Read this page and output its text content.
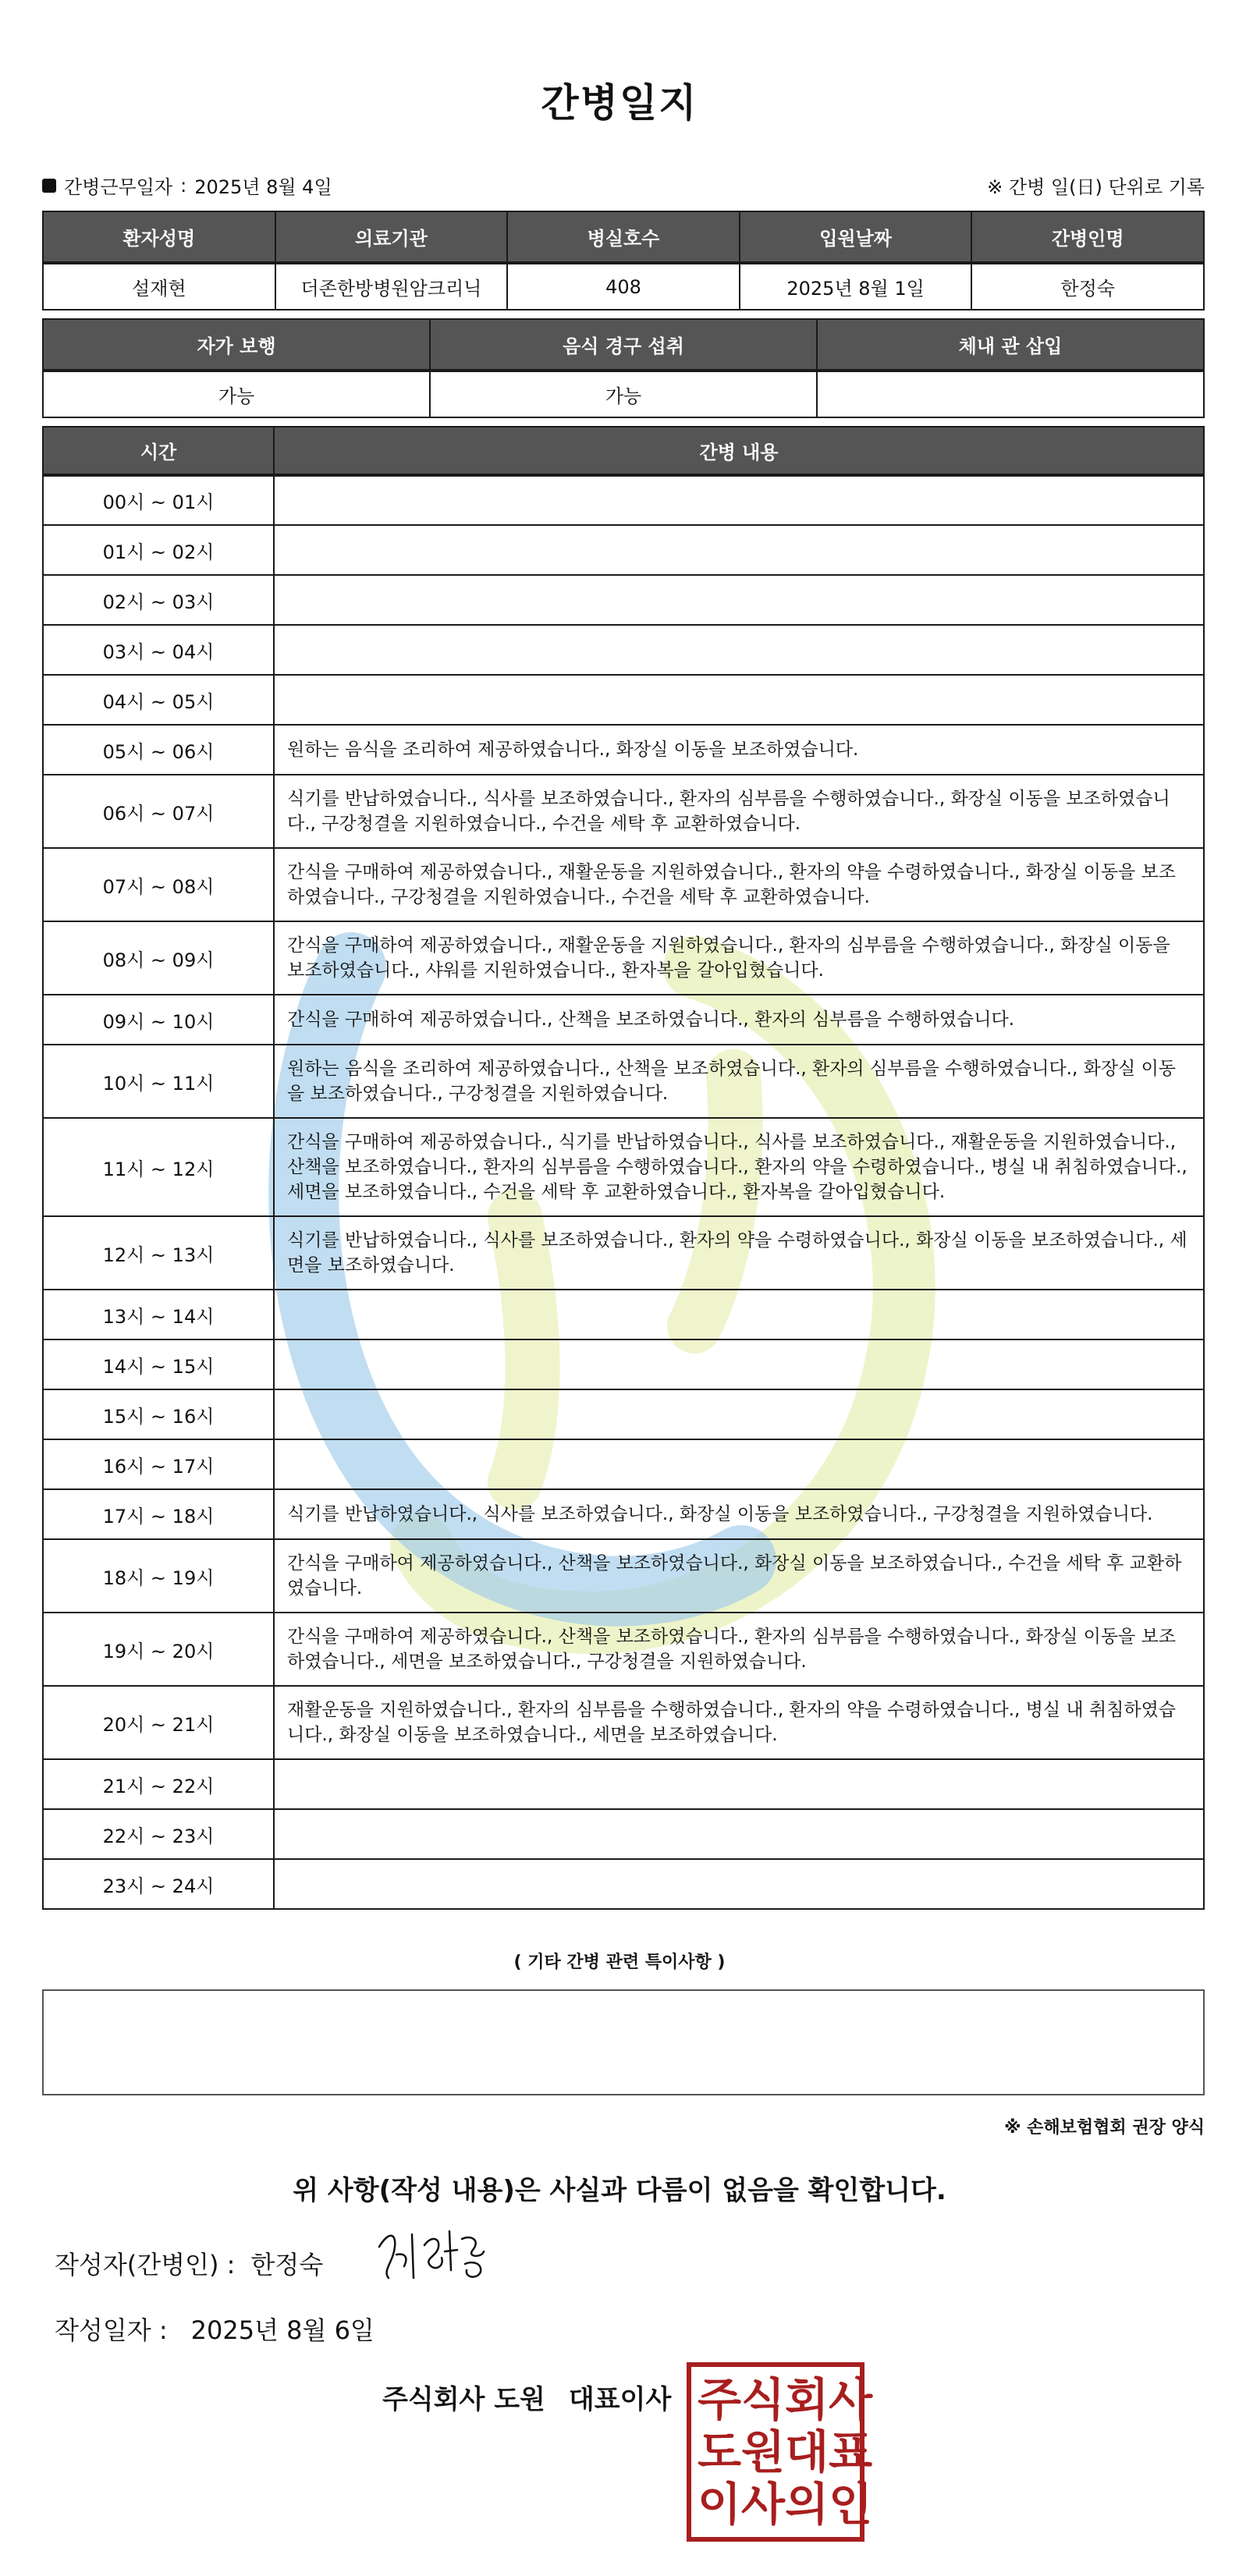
간병일지
간병근무일자 : 2025년 8월 4일	※ 간병 일(日) 단위로 기록
환자성명	의료기관	병실호수	입원날짜	간병인명
설재현	더존한방병원암크리닉	408	2025년 8월 1일	한정숙
자가 보행	음식 경구 섭취	체내 관 삽입
가능	가능	
시간	간병 내용
00시 ~ 01시	
01시 ~ 02시	
02시 ~ 03시	
03시 ~ 04시	
04시 ~ 05시	
05시 ~ 06시	원하는 음식을 조리하여 제공하였습니다., 화장실 이동을 보조하였습니다.
06시 ~ 07시	식기를 반납하였습니다., 식사를 보조하였습니다., 환자의 심부름을 수행하였습니다., 화장실 이동을 보조하였습니다., 구강청결을 지원하였습니다., 수건을 세탁 후 교환하였습니다.
07시 ~ 08시	간식을 구매하여 제공하였습니다., 재활운동을 지원하였습니다., 환자의 약을 수령하였습니다., 화장실 이동을 보조하였습니다., 구강청결을 지원하였습니다., 수건을 세탁 후 교환하였습니다.
08시 ~ 09시	간식을 구매하여 제공하였습니다., 재활운동을 지원하였습니다., 환자의 심부름을 수행하였습니다., 화장실 이동을 보조하였습니다., 샤워를 지원하였습니다., 환자복을 갈아입혔습니다.
09시 ~ 10시	간식을 구매하여 제공하였습니다., 산책을 보조하였습니다., 환자의 심부름을 수행하였습니다.
10시 ~ 11시	원하는 음식을 조리하여 제공하였습니다., 산책을 보조하였습니다., 환자의 심부름을 수행하였습니다., 화장실 이동을 보조하였습니다., 구강청결을 지원하였습니다.
11시 ~ 12시	간식을 구매하여 제공하였습니다., 식기를 반납하였습니다., 식사를 보조하였습니다., 재활운동을 지원하였습니다., 산책을 보조하였습니다., 환자의 심부름을 수행하였습니다., 환자의 약을 수령하였습니다., 병실 내 취침하였습니다., 세면을 보조하였습니다., 수건을 세탁 후 교환하였습니다., 환자복을 갈아입혔습니다.
12시 ~ 13시	식기를 반납하였습니다., 식사를 보조하였습니다., 환자의 약을 수령하였습니다., 화장실 이동을 보조하였습니다., 세면을 보조하였습니다.
13시 ~ 14시	
14시 ~ 15시	
15시 ~ 16시	
16시 ~ 17시	
17시 ~ 18시	식기를 반납하였습니다., 식사를 보조하였습니다., 화장실 이동을 보조하였습니다., 구강청결을 지원하였습니다.
18시 ~ 19시	간식을 구매하여 제공하였습니다., 산책을 보조하였습니다., 화장실 이동을 보조하였습니다., 수건을 세탁 후 교환하였습니다.
19시 ~ 20시	간식을 구매하여 제공하였습니다., 산책을 보조하였습니다., 환자의 심부름을 수행하였습니다., 화장실 이동을 보조하였습니다., 세면을 보조하였습니다., 구강청결을 지원하였습니다.
20시 ~ 21시	재활운동을 지원하였습니다., 환자의 심부름을 수행하였습니다., 환자의 약을 수령하였습니다., 병실 내 취침하였습니다., 화장실 이동을 보조하였습니다., 세면을 보조하였습니다.
21시 ~ 22시	
22시 ~ 23시	
23시 ~ 24시	
( 기타 간병 관련 특이사항 )
※ 손해보험협회 권장 양식
위 사항(작성 내용)은 사실과 다름이 없음을 확인합니다.
작성자(간병인) : 한정숙
작성일자 : 2025년 8월 6일
주식회사 도원 대표이사 주 식 회 사
도 원 대 표
이 사 의 인
